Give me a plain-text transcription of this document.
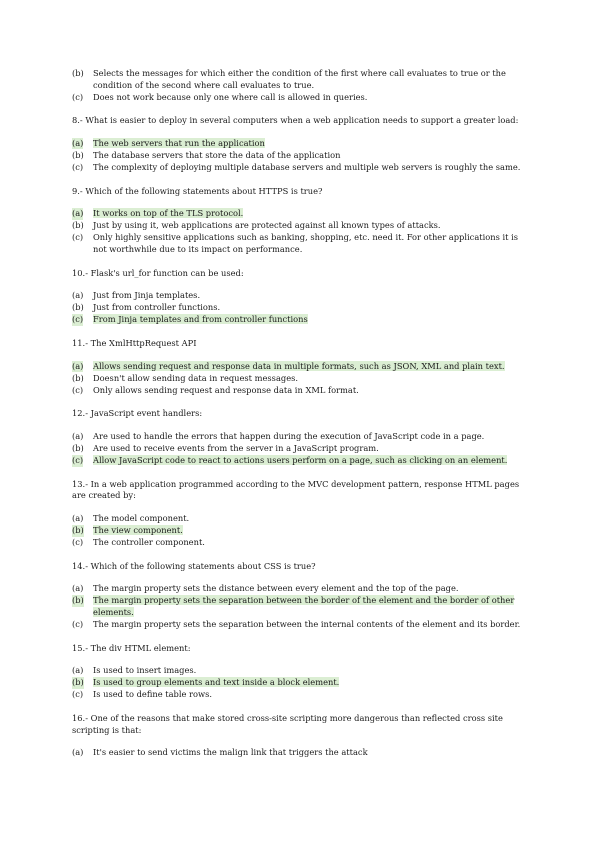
(b) Selects the messages for which either the condition of the first where call evaluates to true or the condition of the second where call evaluates to true.
(c) Does not work because only one where call is allowed in queries.

8.- What is easier to deploy in several computers when a web application needs to support a greater load:

(a) The web servers that run the application
(b) The database servers that store the data of the application
(c) The complexity of deploying multiple database servers and multiple web servers is roughly the same.

9.- Which of the following statements about HTTPS is true?

(a) It works on top of the TLS protocol.
(b) Just by using it, web applications are protected against all known types of attacks.
(c) Only highly sensitive applications such as banking, shopping, etc. need it. For other applications it is not worthwhile due to its impact on performance.

10.- Flask's url_for function can be used:

(a) Just from Jinja templates.
(b) Just from controller functions.
(c) From Jinja templates and from controller functions

11.- The XmlHttpRequest API

(a) Allows sending request and response data in multiple formats, such as JSON, XML and plain text.
(b) Doesn't allow sending data in request messages.
(c) Only allows sending request and response data in XML format.

12.- JavaScript event handlers:

(a) Are used to handle the errors that happen during the execution of JavaScript code in a page.
(b) Are used to receive events from the server in a JavaScript program.
(c) Allow JavaScript code to react to actions users perform on a page, such as clicking on an element.

13.- In a web application programmed according to the MVC development pattern, response HTML pages are created by:

(a) The model component.
(b) The view component.
(c) The controller component.

14.- Which of the following statements about CSS is true?

(a) The margin property sets the distance between every element and the top of the page.
(b) The margin property sets the separation between the border of the element and the border of other elements.
(c) The margin property sets the separation between the internal contents of the element and its border.

15.- The div HTML element:

(a) Is used to insert images.
(b) Is used to group elements and text inside a block element.
(c) Is used to define table rows.

16.- One of the reasons that make stored cross-site scripting more dangerous than reflected cross site scripting is that:

(a) It's easier to send victims the malign link that triggers the attack
